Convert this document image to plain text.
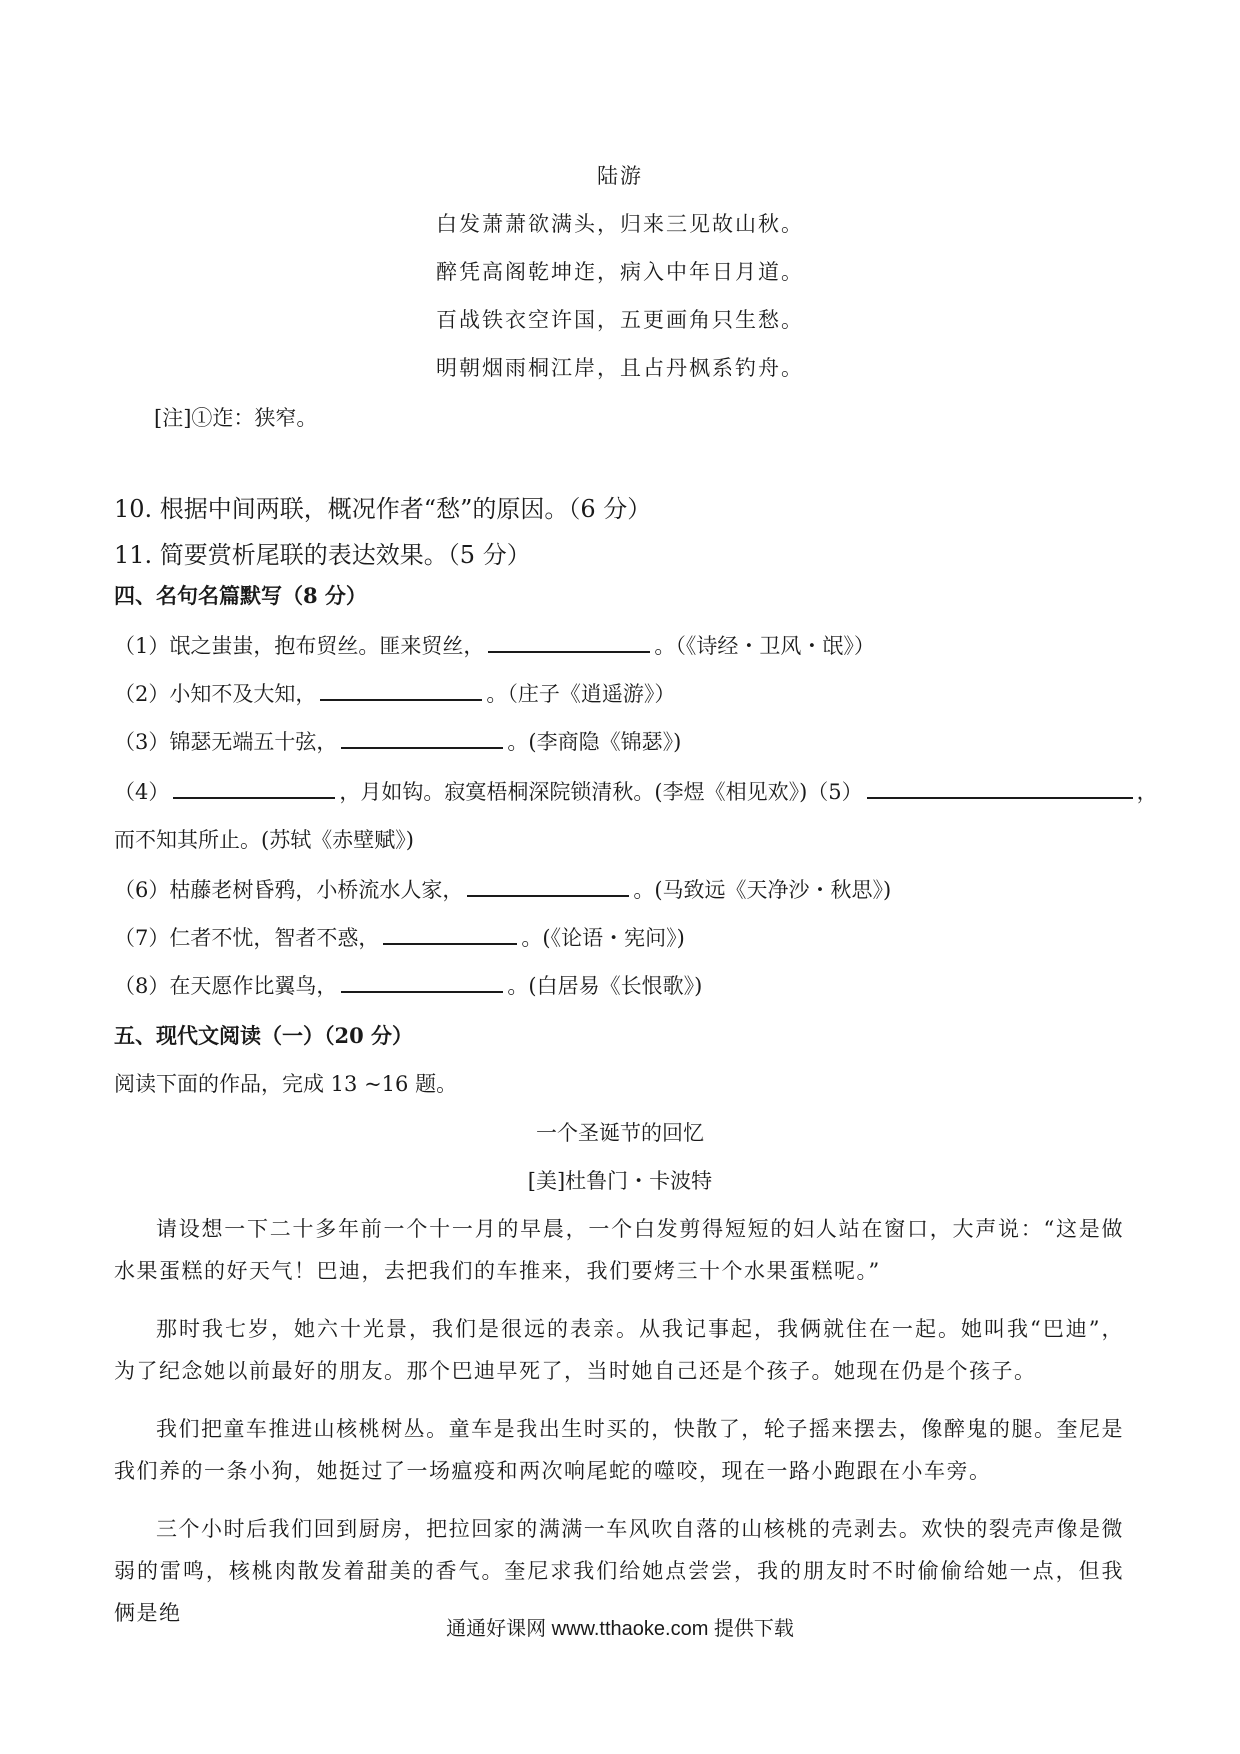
陆游
白发萧萧欲满头，归来三见故山秋。
醉凭高阁乾坤迮，病入中年日月道。
百战铁衣空许国，五更画角只生愁。
明朝烟雨桐江岸，且占丹枫系钓舟。
[注]①迮：狭窄。
10. 根据中间两联，概况作者“愁”的原因。（6 分）
11. 简要赏析尾联的表达效果。（5 分）
四、名句名篇默写（8 分）
（1）氓之蚩蚩，抱布贸丝。匪来贸丝，	。（《诗经・卫风・氓》）
（2）小知不及大知，	。（庄子《逍遥游》）
（3）锦瑟无端五十弦，	。(李商隐《锦瑟》)
（4）	，月如钩。寂寞梧桐深院锁清秋。(李煜《相见欢》)（5）	，
而不知其所止。(苏轼《赤壁赋》)
（6）枯藤老树昏鸦，小桥流水人家，	。(马致远《天净沙・秋思》)
（7）仁者不忧，智者不惑，	。(《论语・宪问》)
（8）在天愿作比翼鸟，	。(白居易《长恨歌》)
五、现代文阅读（一）（20 分）
阅读下面的作品，完成 13 ~16 题。
一个圣诞节的回忆
[美]杜鲁门・卡波特
请设想一下二十多年前一个十一月的早晨，一个白发剪得短短的妇人站在窗口，大声说：“这是做水果蛋糕的好天气！巴迪，去把我们的车推来，我们要烤三十个水果蛋糕呢。”
那时我七岁，她六十光景，我们是很远的表亲。从我记事起，我俩就住在一起。她叫我“巴迪”，为了纪念她以前最好的朋友。那个巴迪早死了，当时她自己还是个孩子。她现在仍是个孩子。
我们把童车推进山核桃树丛。童车是我出生时买的，快散了，轮子摇来摆去，像醉鬼的腿。奎尼是我们养的一条小狗，她挺过了一场瘟疫和两次响尾蛇的噬咬，现在一路小跑跟在小车旁。
三个小时后我们回到厨房，把拉回家的满满一车风吹自落的山核桃的壳剥去。欢快的裂壳声像是微弱的雷鸣，核桃肉散发着甜美的香气。奎尼求我们给她点尝尝，我的朋友时不时偷偷给她一点，但我俩是绝
通通好课网 www.tthaoke.com 提供下载
